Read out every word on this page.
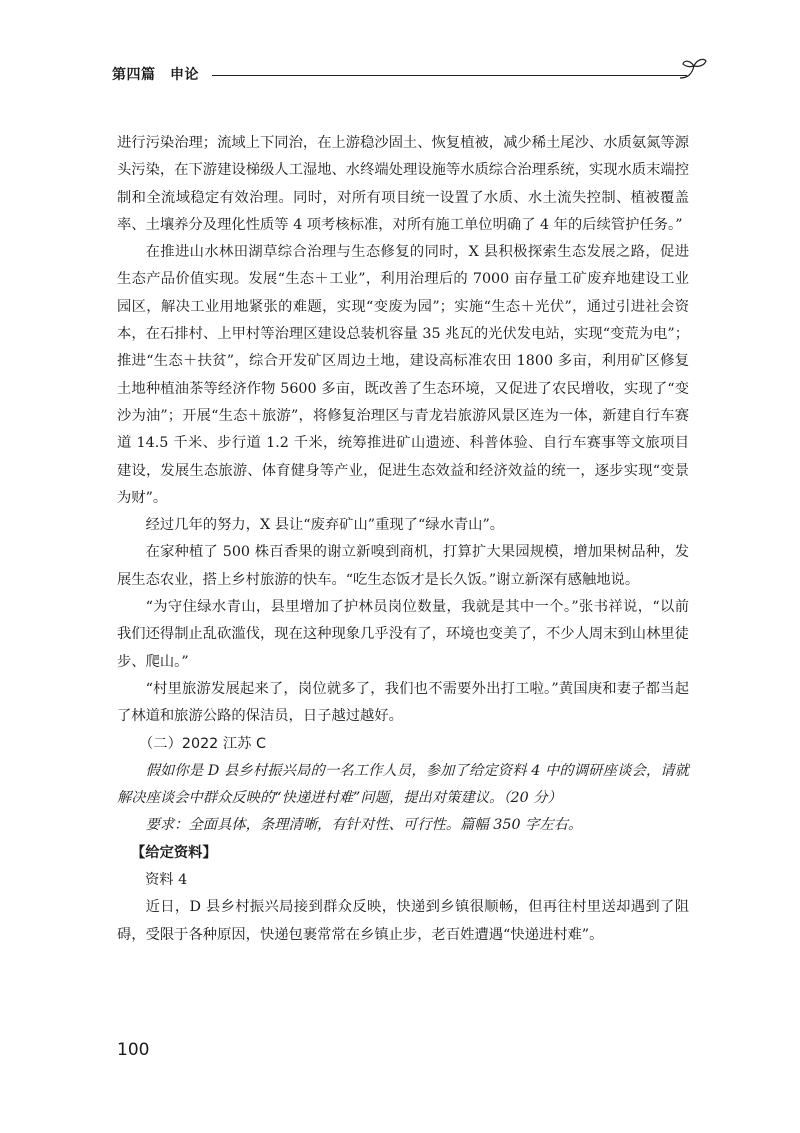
第四篇　申论

进行污染治理；流域上下同治，在上游稳沙固土、恢复植被，减少稀土尾沙、水质氨氮等源头污染，在下游建设梯级人工湿地、水终端处理设施等水质综合治理系统，实现水质末端控制和全流域稳定有效治理。同时，对所有项目统一设置了水质、水土流失控制、植被覆盖率、土壤养分及理化性质等 4 项考核标准，对所有施工单位明确了 4 年的后续管护任务。”

在推进山水林田湖草综合治理与生态修复的同时，X 县积极探索生态发展之路，促进生态产品价值实现。发展“生态＋工业”，利用治理后的 7000 亩存量工矿废弃地建设工业园区，解决工业用地紧张的难题，实现“变废为园”；实施“生态＋光伏”，通过引进社会资本，在石排村、上甲村等治理区建设总装机容量 35 兆瓦的光伏发电站，实现“变荒为电”；推进“生态＋扶贫”，综合开发矿区周边土地，建设高标准农田 1800 多亩，利用矿区修复土地种植油茶等经济作物 5600 多亩，既改善了生态环境，又促进了农民增收，实现了“变沙为油”；开展“生态＋旅游”，将修复治理区与青龙岩旅游风景区连为一体，新建自行车赛道 14.5 千米、步行道 1.2 千米，统筹推进矿山遗迹、科普体验、自行车赛事等文旅项目建设，发展生态旅游、体育健身等产业，促进生态效益和经济效益的统一，逐步实现“变景为财”。

经过几年的努力，X 县让“废弃矿山”重现了“绿水青山”。

在家种植了 500 株百香果的谢立新嗅到商机，打算扩大果园规模，增加果树品种，发展生态农业，搭上乡村旅游的快车。“吃生态饭才是长久饭。”谢立新深有感触地说。

“为守住绿水青山，县里增加了护林员岗位数量，我就是其中一个。”张书祥说，“以前我们还得制止乱砍滥伐，现在这种现象几乎没有了，环境也变美了，不少人周末到山林里徒步、爬山。”

“村里旅游发展起来了，岗位就多了，我们也不需要外出打工啦。”黄国庚和妻子都当起了林道和旅游公路的保洁员，日子越过越好。

（二）2022 江苏 C

假如你是 D 县乡村振兴局的一名工作人员，参加了给定资料 4 中的调研座谈会，请就解决座谈会中群众反映的“快递进村难”问题，提出对策建议。（20 分）

要求：全面具体，条理清晰，有针对性、可行性。篇幅 350 字左右。

【给定资料】

资料 4

近日，D 县乡村振兴局接到群众反映，快递到乡镇很顺畅，但再往村里送却遇到了阻碍，受限于各种原因，快递包裹常常在乡镇止步，老百姓遭遇“快递进村难”。

100
